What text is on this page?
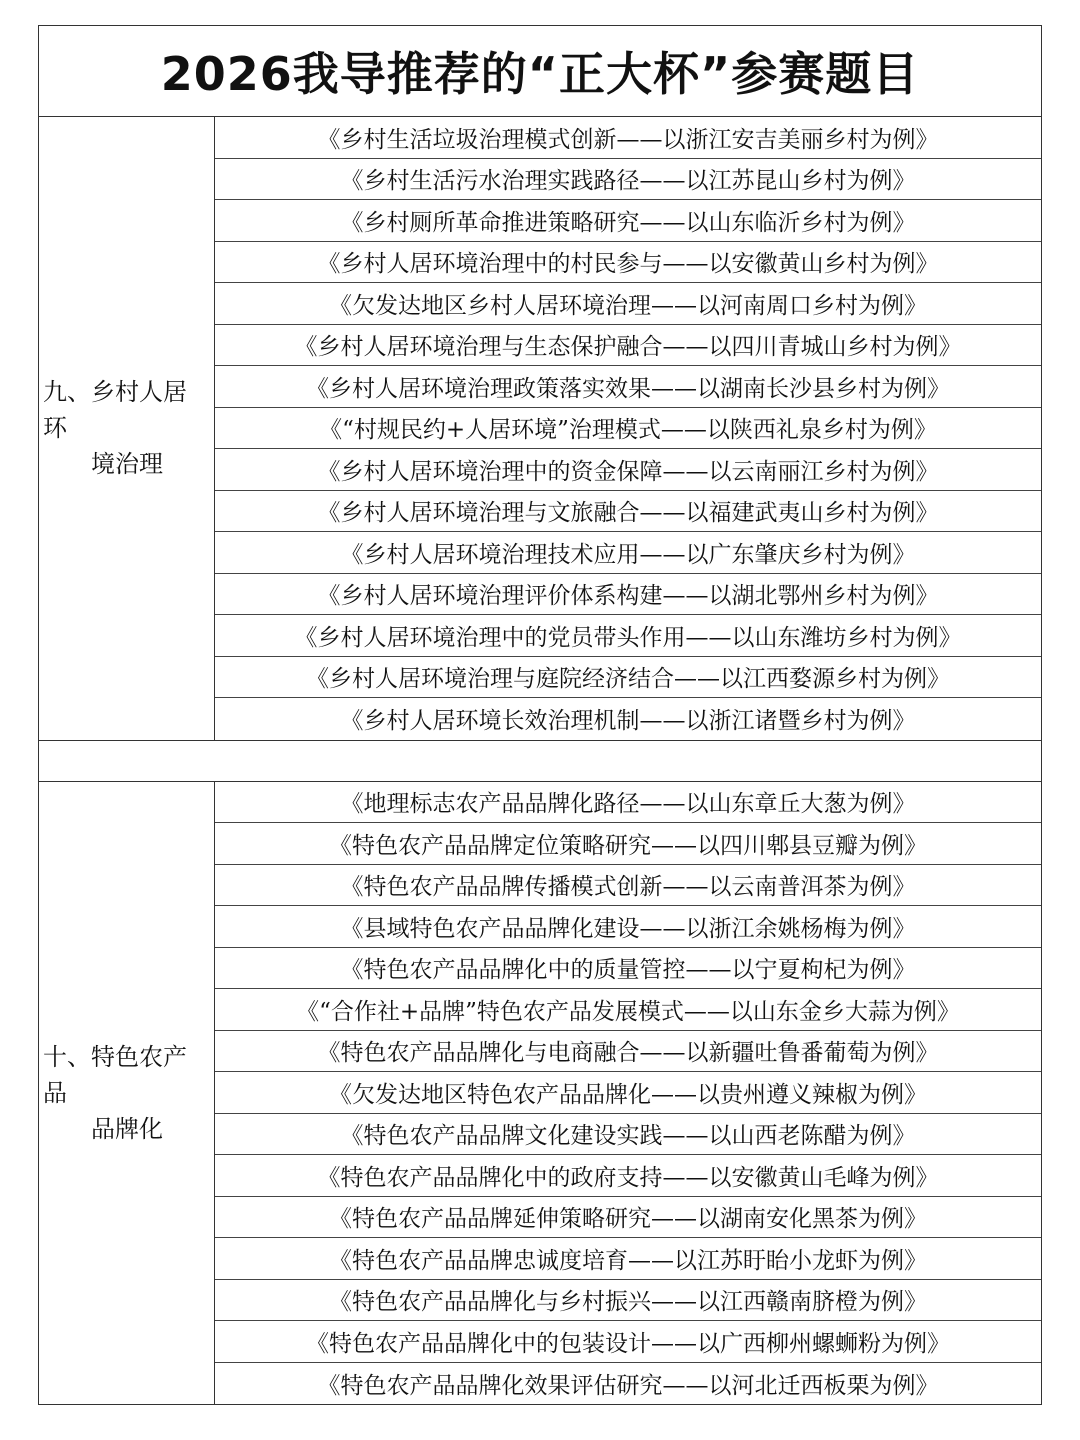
2026我导推荐的“正大杯”参赛题目
九、乡村人居环
境治理
《乡村生活垃圾治理模式创新——以浙江安吉美丽乡村为例》
《乡村生活污水治理实践路径——以江苏昆山乡村为例》
《乡村厕所革命推进策略研究——以山东临沂乡村为例》
《乡村人居环境治理中的村民参与——以安徽黄山乡村为例》
《欠发达地区乡村人居环境治理——以河南周口乡村为例》
《乡村人居环境治理与生态保护融合——以四川青城山乡村为例》
《乡村人居环境治理政策落实效果——以湖南长沙县乡村为例》
《“村规民约+人居环境”治理模式——以陕西礼泉乡村为例》
《乡村人居环境治理中的资金保障——以云南丽江乡村为例》
《乡村人居环境治理与文旅融合——以福建武夷山乡村为例》
《乡村人居环境治理技术应用——以广东肇庆乡村为例》
《乡村人居环境治理评价体系构建——以湖北鄂州乡村为例》
《乡村人居环境治理中的党员带头作用——以山东潍坊乡村为例》
《乡村人居环境治理与庭院经济结合——以江西婺源乡村为例》
《乡村人居环境长效治理机制——以浙江诸暨乡村为例》
十、特色农产品
品牌化
《地理标志农产品品牌化路径——以山东章丘大葱为例》
《特色农产品品牌定位策略研究——以四川郫县豆瓣为例》
《特色农产品品牌传播模式创新——以云南普洱茶为例》
《县域特色农产品品牌化建设——以浙江余姚杨梅为例》
《特色农产品品牌化中的质量管控——以宁夏枸杞为例》
《“合作社+品牌”特色农产品发展模式——以山东金乡大蒜为例》
《特色农产品品牌化与电商融合——以新疆吐鲁番葡萄为例》
《欠发达地区特色农产品品牌化——以贵州遵义辣椒为例》
《特色农产品品牌文化建设实践——以山西老陈醋为例》
《特色农产品品牌化中的政府支持——以安徽黄山毛峰为例》
《特色农产品品牌延伸策略研究——以湖南安化黑茶为例》
《特色农产品品牌忠诚度培育——以江苏盱眙小龙虾为例》
《特色农产品品牌化与乡村振兴——以江西赣南脐橙为例》
《特色农产品品牌化中的包装设计——以广西柳州螺蛳粉为例》
《特色农产品品牌化效果评估研究——以河北迁西板栗为例》
